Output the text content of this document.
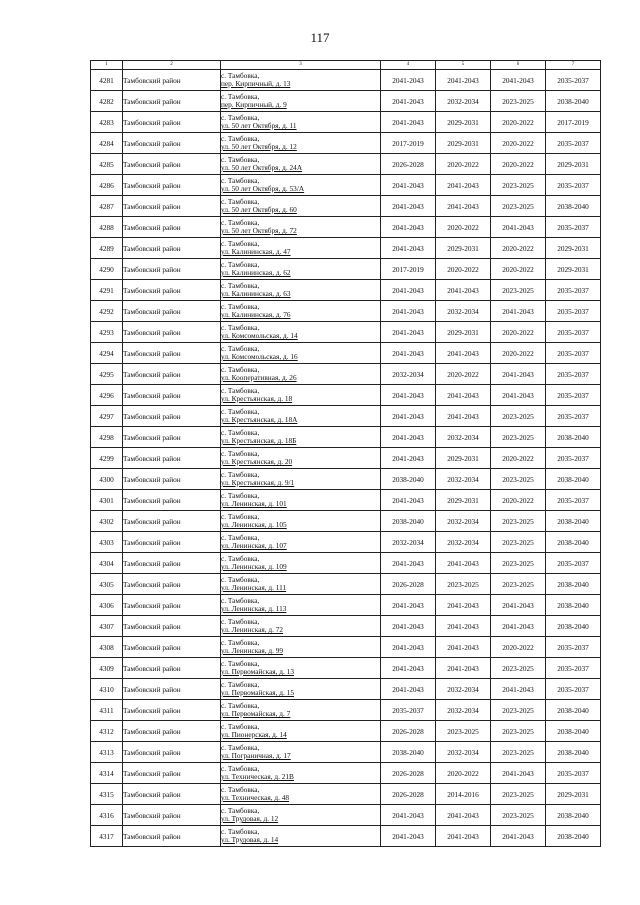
117
1	2	3	4	5	6	7
4281	Тамбовский район	с. Тамбовка,
пер. Кирпичный, д. 13	2041-2043	2041-2043	2041-2043	2035-2037
4282	Тамбовский район	с. Тамбовка,
пер. Кирпичный, д. 9	2041-2043	2032-2034	2023-2025	2038-2040
4283	Тамбовский район	с. Тамбовка,
ул. 50 лет Октября, д. 11	2041-2043	2029-2031	2020-2022	2017-2019
4284	Тамбовский район	с. Тамбовка,
ул. 50 лет Октября, д. 12	2017-2019	2029-2031	2020-2022	2035-2037
4285	Тамбовский район	с. Тамбовка,
ул. 50 лет Октября, д. 24А	2026-2028	2020-2022	2020-2022	2029-2031
4286	Тамбовский район	с. Тамбовка,
ул. 50 лет Октября, д. 53/А	2041-2043	2041-2043	2023-2025	2035-2037
4287	Тамбовский район	с. Тамбовка,
ул. 50 лет Октября, д. 60	2041-2043	2041-2043	2023-2025	2038-2040
4288	Тамбовский район	с. Тамбовка,
ул. 50 лет Октября, д. 72	2041-2043	2020-2022	2041-2043	2035-2037
4289	Тамбовский район	с. Тамбовка,
ул. Калининская, д. 47	2041-2043	2029-2031	2020-2022	2029-2031
4290	Тамбовский район	с. Тамбовка,
ул. Калининская, д. 62	2017-2019	2020-2022	2020-2022	2029-2031
4291	Тамбовский район	с. Тамбовка,
ул. Калининская, д. 63	2041-2043	2041-2043	2023-2025	2035-2037
4292	Тамбовский район	с. Тамбовка,
ул. Калининская, д. 76	2041-2043	2032-2034	2041-2043	2035-2037
4293	Тамбовский район	с. Тамбовка,
ул. Комсомольская, д. 14	2041-2043	2029-2031	2020-2022	2035-2037
4294	Тамбовский район	с. Тамбовка,
ул. Комсомольская, д. 16	2041-2043	2041-2043	2020-2022	2035-2037
4295	Тамбовский район	с. Тамбовка,
ул. Кооперативная, д. 26	2032-2034	2020-2022	2041-2043	2035-2037
4296	Тамбовский район	с. Тамбовка,
ул. Крестьянская, д. 18	2041-2043	2041-2043	2041-2043	2035-2037
4297	Тамбовский район	с. Тамбовка,
ул. Крестьянская, д. 18А	2041-2043	2041-2043	2023-2025	2035-2037
4298	Тамбовский район	с. Тамбовка,
ул. Крестьянская, д. 18Б	2041-2043	2032-2034	2023-2025	2038-2040
4299	Тамбовский район	с. Тамбовка,
ул. Крестьянская, д. 20	2041-2043	2029-2031	2020-2022	2035-2037
4300	Тамбовский район	с. Тамбовка,
ул. Крестьянская, д. 9/1	2038-2040	2032-2034	2023-2025	2038-2040
4301	Тамбовский район	с. Тамбовка,
ул. Ленинская, д. 101	2041-2043	2029-2031	2020-2022	2035-2037
4302	Тамбовский район	с. Тамбовка,
ул. Ленинская, д. 105	2038-2040	2032-2034	2023-2025	2038-2040
4303	Тамбовский район	с. Тамбовка,
ул. Ленинская, д. 107	2032-2034	2032-2034	2023-2025	2038-2040
4304	Тамбовский район	с. Тамбовка,
ул. Ленинская, д. 109	2041-2043	2041-2043	2023-2025	2035-2037
4305	Тамбовский район	с. Тамбовка,
ул. Ленинская, д. 111	2026-2028	2023-2025	2023-2025	2038-2040
4306	Тамбовский район	с. Тамбовка,
ул. Ленинская, д. 113	2041-2043	2041-2043	2041-2043	2038-2040
4307	Тамбовский район	с. Тамбовка,
ул. Ленинская, д. 72	2041-2043	2041-2043	2041-2043	2038-2040
4308	Тамбовский район	с. Тамбовка,
ул. Ленинская, д. 99	2041-2043	2041-2043	2020-2022	2035-2037
4309	Тамбовский район	с. Тамбовка,
ул. Первомайская, д. 13	2041-2043	2041-2043	2023-2025	2035-2037
4310	Тамбовский район	с. Тамбовка,
ул. Первомайская, д. 15	2041-2043	2032-2034	2041-2043	2035-2037
4311	Тамбовский район	с. Тамбовка,
ул. Первомайская, д. 7	2035-2037	2032-2034	2023-2025	2038-2040
4312	Тамбовский район	с. Тамбовка,
ул. Пионерская, д. 14	2026-2028	2023-2025	2023-2025	2038-2040
4313	Тамбовский район	с. Тамбовка,
ул. Пограничная, д. 17	2038-2040	2032-2034	2023-2025	2038-2040
4314	Тамбовский район	с. Тамбовка,
ул. Техническая, д. 21В	2026-2028	2020-2022	2041-2043	2035-2037
4315	Тамбовский район	с. Тамбовка,
ул. Техническая, д. 48	2026-2028	2014-2016	2023-2025	2029-2031
4316	Тамбовский район	с. Тамбовка,
ул. Трудовая, д. 12	2041-2043	2041-2043	2023-2025	2038-2040
4317	Тамбовский район	с. Тамбовка,
ул. Трудовая, д. 14	2041-2043	2041-2043	2041-2043	2038-2040
